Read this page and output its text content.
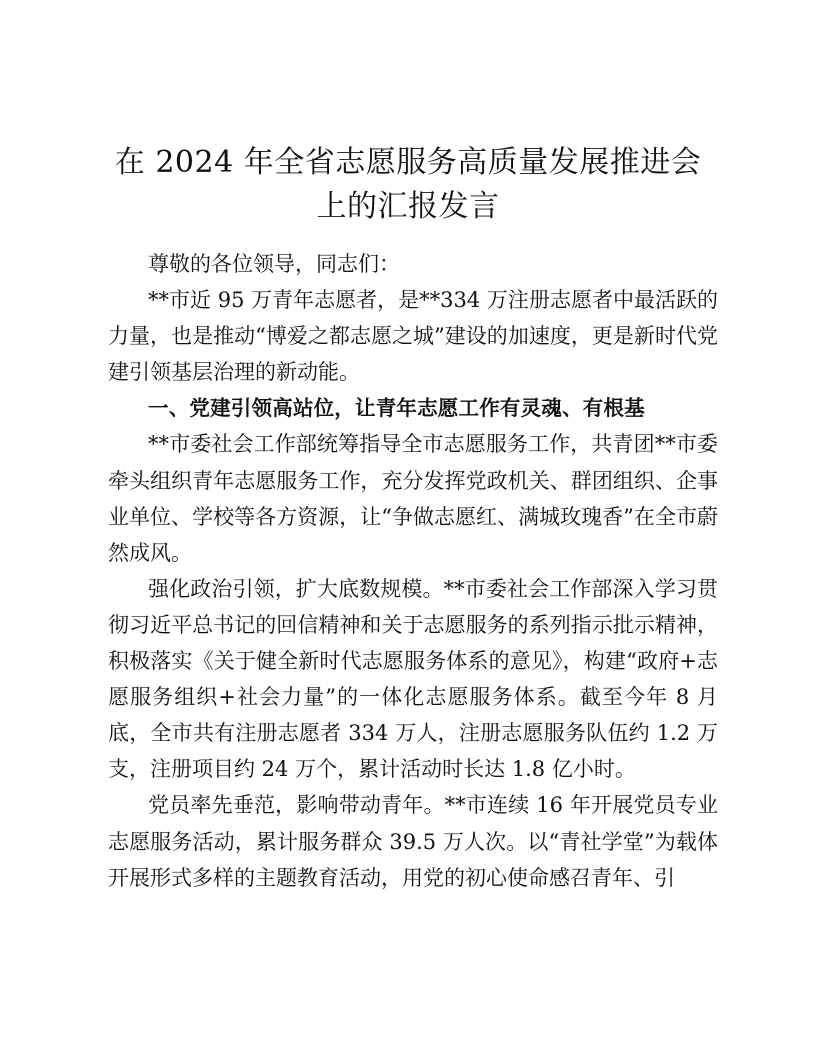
在 2024 年全省志愿服务高质量发展推进会上的汇报发言

尊敬的各位领导，同志们：

**市近 95 万青年志愿者，是**334 万注册志愿者中最活跃的力量，也是推动“博爱之都志愿之城”建设的加速度，更是新时代党建引领基层治理的新动能。

一、党建引领高站位，让青年志愿工作有灵魂、有根基

**市委社会工作部统筹指导全市志愿服务工作，共青团**市委牵头组织青年志愿服务工作，充分发挥党政机关、群团组织、企事业单位、学校等各方资源，让“争做志愿红、满城玫瑰香”在全市蔚然成风。

强化政治引领，扩大底数规模。**市委社会工作部深入学习贯彻习近平总书记的回信精神和关于志愿服务的系列指示批示精神，积极落实《关于健全新时代志愿服务体系的意见》，构建“政府+志愿服务组织+社会力量”的一体化志愿服务体系。截至今年 8 月底，全市共有注册志愿者 334 万人，注册志愿服务队伍约 1.2 万支，注册项目约 24 万个，累计活动时长达 1.8 亿小时。

党员率先垂范，影响带动青年。**市连续 16 年开展党员专业志愿服务活动，累计服务群众 39.5 万人次。以“青社学堂”为载体开展形式多样的主题教育活动，用党的初心使命感召青年、引
